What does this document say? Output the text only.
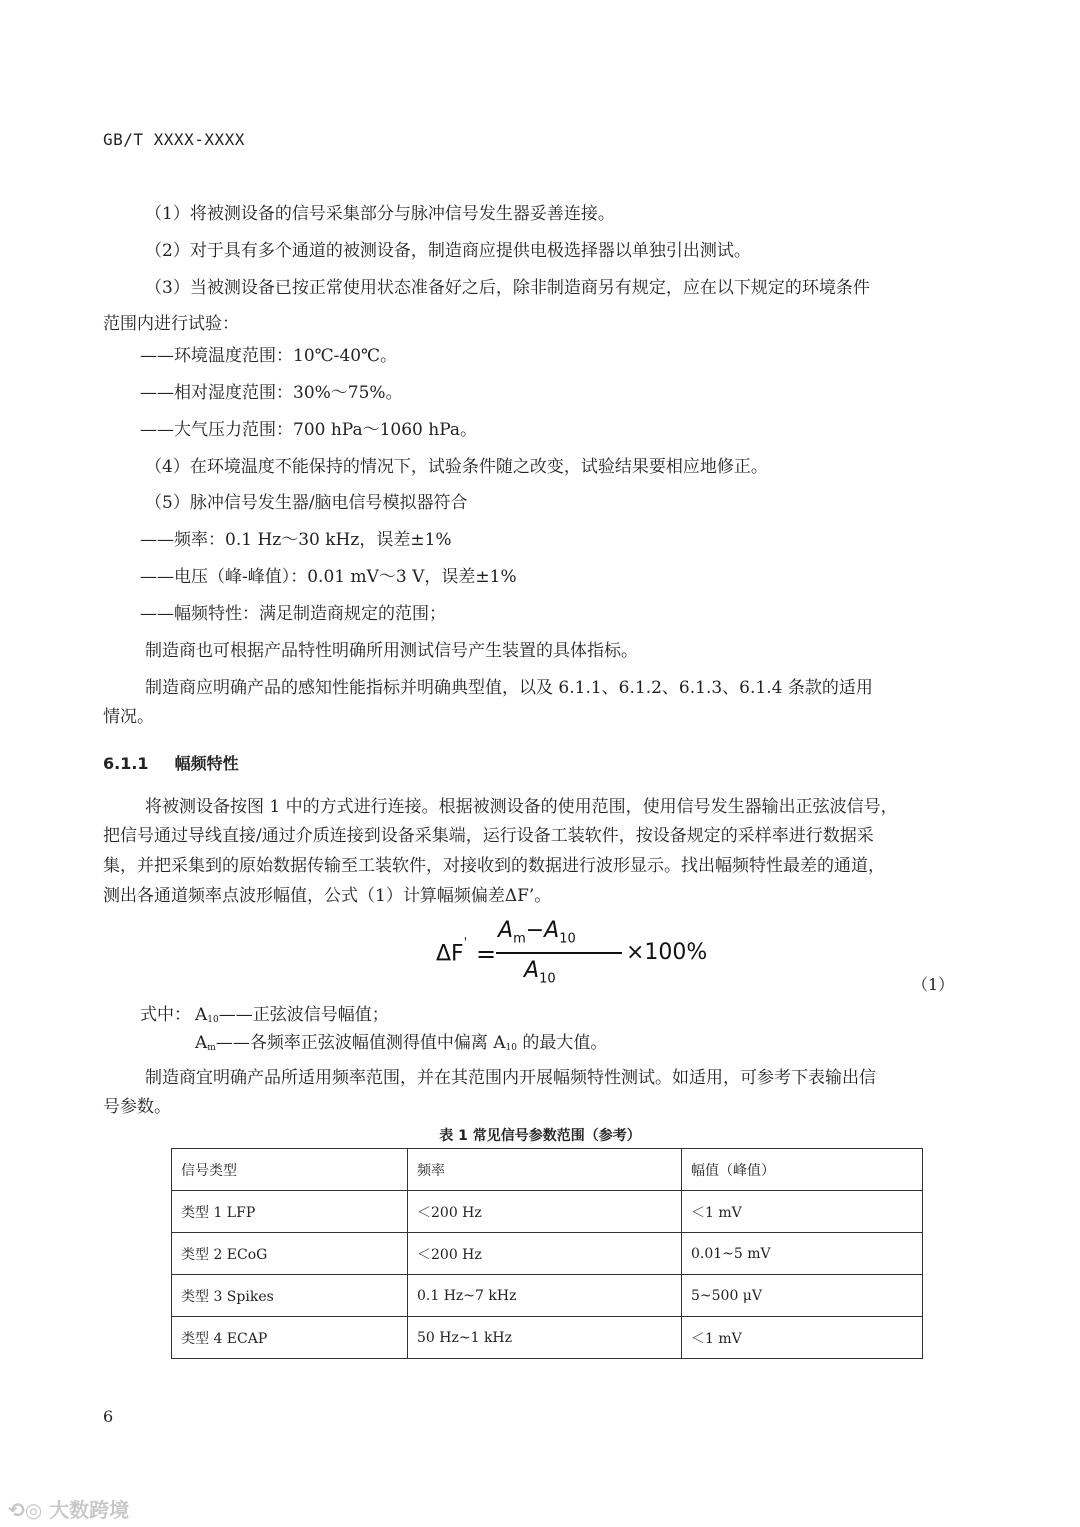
GB/T XXXX-XXXX
（1）将被测设备的信号采集部分与脉冲信号发生器妥善连接。
（2）对于具有多个通道的被测设备，制造商应提供电极选择器以单独引出测试。
（3）当被测设备已按正常使用状态准备好之后，除非制造商另有规定，应在以下规定的环境条件
范围内进行试验：
——环境温度范围：10℃-40℃。
——相对湿度范围：30%～75%。
——大气压力范围：700 hPa～1060 hPa。
（4）在环境温度不能保持的情况下，试验条件随之改变，试验结果要相应地修正。
（5）脉冲信号发生器/脑电信号模拟器符合
——频率：0.1 Hz～30 kHz，误差±1%
——电压（峰-峰值）：0.01 mV～3 V，误差±1%
——幅频特性：满足制造商规定的范围；
制造商也可根据产品特性明确所用测试信号产生装置的具体指标。
制造商应明确产品的感知性能指标并明确典型值，以及 6.1.1、6.1.2、6.1.3、6.1.4 条款的适用
情况。
6.1.1 幅频特性
将被测设备按图 1 中的方式进行连接。根据被测设备的使用范围，使用信号发生器输出正弦波信号，
把信号通过导线直接/通过介质连接到设备采集端，运行设备工装软件，按设备规定的采样率进行数据采
集，并把采集到的原始数据传输至工装软件，对接收到的数据进行波形显示。找出幅频特性最差的通道，
测出各通道频率点波形幅值，公式（1）计算幅频偏差ΔF’。
ΔF' =
$A_m-A_{10}$
$A_{10}$
×100%
（1）
式中： A10——正弦波信号幅值；
Am——各频率正弦波幅值测得值中偏离 A10 的最大值。
制造商宜明确产品所适用频率范围，并在其范围内开展幅频特性测试。如适用，可参考下表输出信
号参数。
表 1 常见信号参数范围（参考）
信号类型	频率	幅值（峰值）
类型 1 LFP	＜200 Hz	＜1 mV
类型 2 ECoG	＜200 Hz	0.01~5 mV
类型 3 Spikes	0.1 Hz~7 kHz	5~500 μV
类型 4 ECAP	50 Hz~1 kHz	＜1 mV
6
⟲◎ 大数跨境
